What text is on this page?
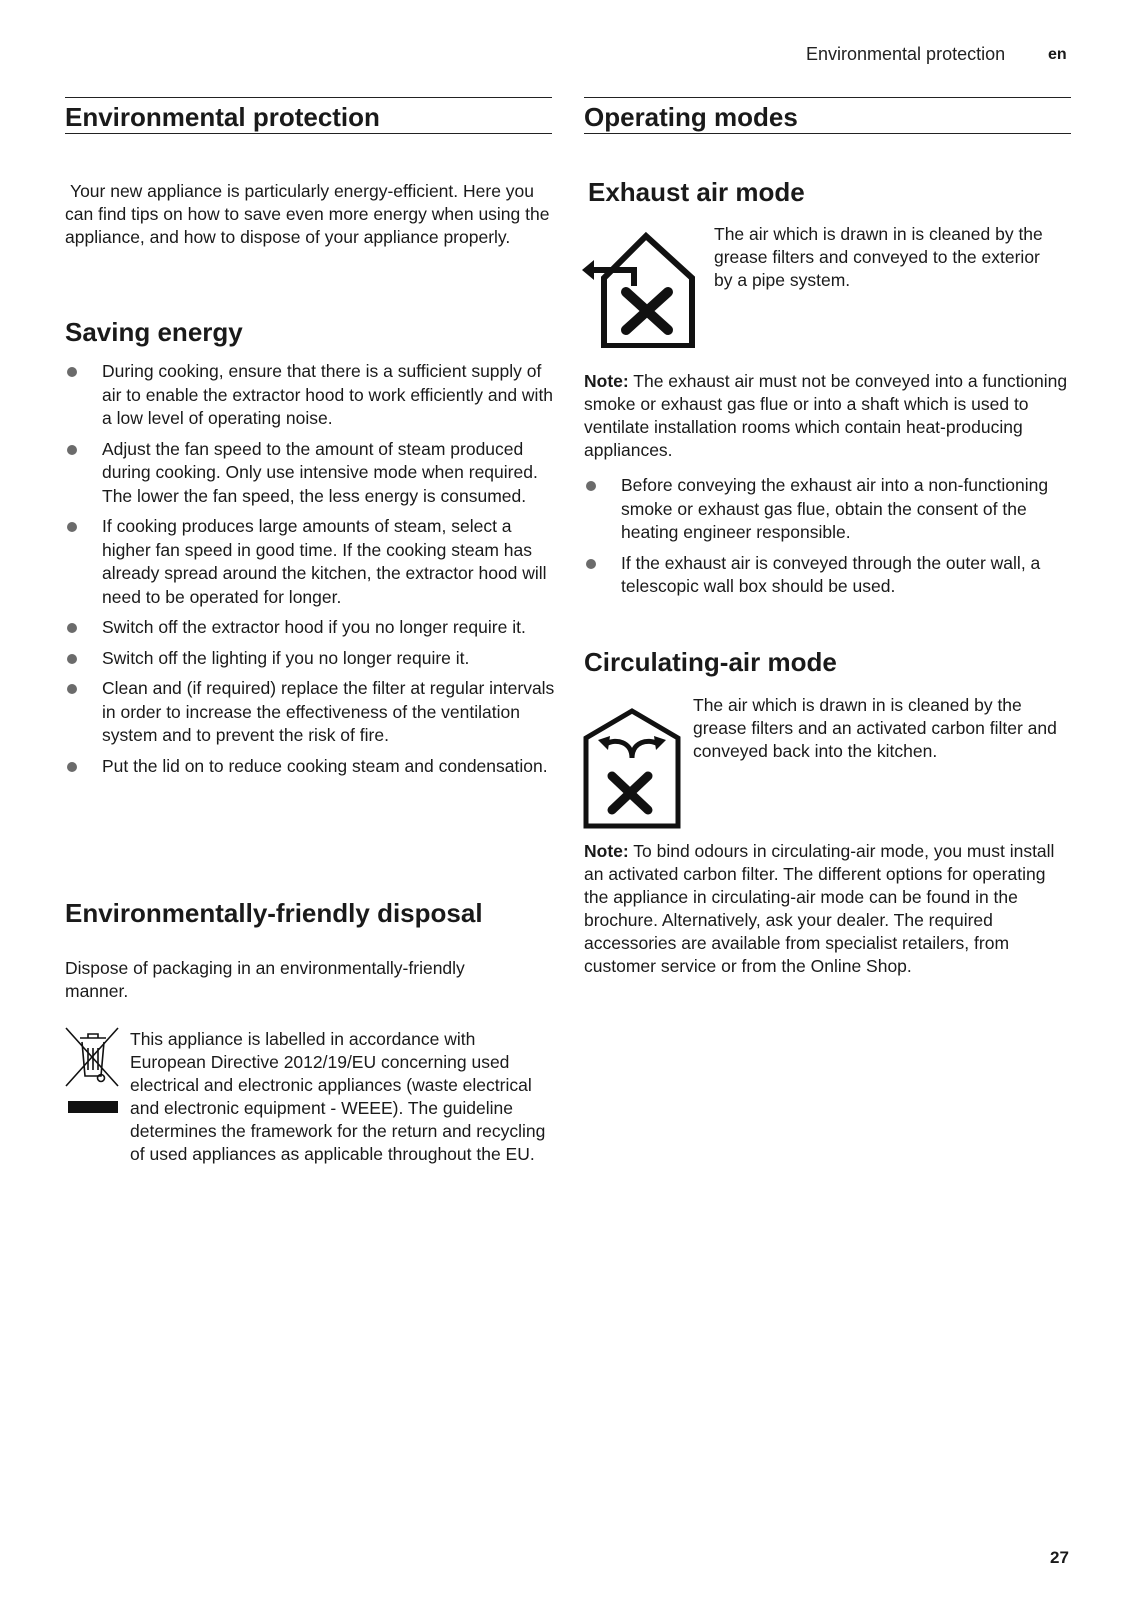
Environmental protection	en
Environmental protection
Your new appliance is particularly energy-efficient. Here you can find tips on how to save even more energy when using the appliance, and how to dispose of your appliance properly.
Saving energy
During cooking, ensure that there is a sufficient supply of air to enable the extractor hood to work efficiently and with a low level of operating noise.
Adjust the fan speed to the amount of steam produced during cooking. Only use intensive mode when required. The lower the fan speed, the less energy is consumed.
If cooking produces large amounts of steam, select a higher fan speed in good time. If the cooking steam has already spread around the kitchen, the extractor hood will need to be operated for longer.
Switch off the extractor hood if you no longer require it.
Switch off the lighting if you no longer require it.
Clean and (if required) replace the filter at regular intervals in order to increase the effectiveness of the ventilation system and to prevent the risk of fire.
Put the lid on to reduce cooking steam and condensation.
Environmentally-friendly disposal
Dispose of packaging in an environmentally-friendly manner.
This appliance is labelled in accordance with European Directive 2012/19/EU concerning used electrical and electronic appliances (waste electrical and electronic equipment - WEEE). The guideline determines the framework for the return and recycling of used appliances as applicable throughout the EU.
Operating modes
Exhaust air mode
The air which is drawn in is cleaned by the grease filters and conveyed to the exterior by a pipe system.
Note: The exhaust air must not be conveyed into a functioning smoke or exhaust gas flue or into a shaft which is used to ventilate installation rooms which contain heat-producing appliances.
Before conveying the exhaust air into a non-functioning smoke or exhaust gas flue, obtain the consent of the heating engineer responsible.
If the exhaust air is conveyed through the outer wall, a telescopic wall box should be used.
Circulating-air mode
The air which is drawn in is cleaned by the grease filters and an activated carbon filter and conveyed back into the kitchen.
Note: To bind odours in circulating-air mode, you must install an activated carbon filter. The different options for operating the appliance in circulating-air mode can be found in the brochure. Alternatively, ask your dealer. The required accessories are available from specialist retailers, from customer service or from the Online Shop.
27
